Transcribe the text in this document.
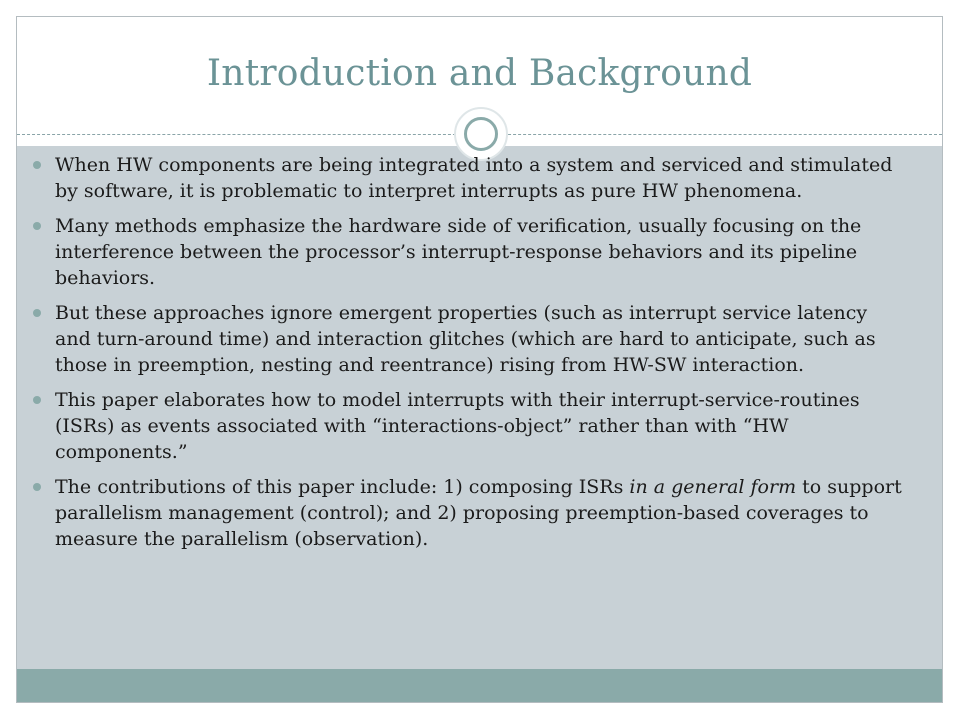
Introduction and Background
When HW components are being integrated into a system and serviced and stimulated by software, it is problematic to interpret interrupts as pure HW phenomena.
Many methods emphasize the hardware side of verification, usually focusing on the interference between the processor’s interrupt-response behaviors and its pipeline behaviors.
But these approaches ignore emergent properties (such as interrupt service latency and turn-around time) and interaction glitches (which are hard to anticipate, such as those in preemption, nesting and reentrance) rising from HW-SW interaction.
This paper elaborates how to model interrupts with their interrupt-service-routines (ISRs) as events associated with “interactions-object” rather than with “HW components.”
The contributions of this paper include: 1) composing ISRs in a general form to support parallelism management (control); and 2) proposing preemption-based coverages to measure the parallelism (observation).
